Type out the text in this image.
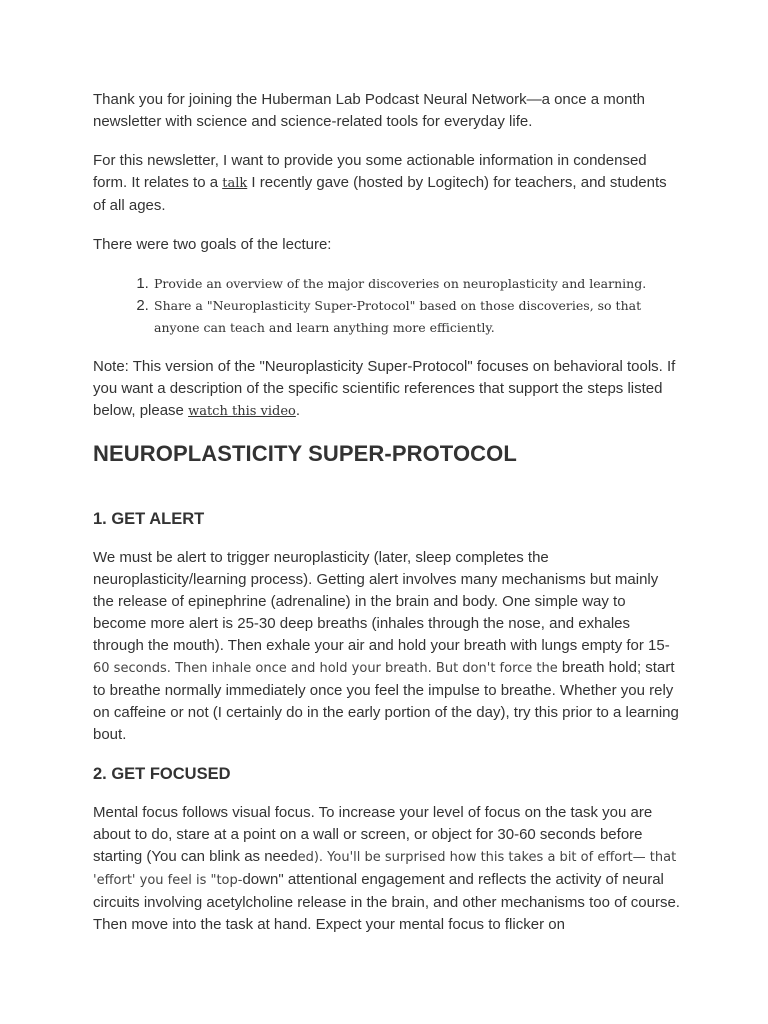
Thank you for joining the Huberman Lab Podcast Neural Network—a once a month newsletter with science and science-related tools for everyday life.

For this newsletter, I want to provide you some actionable information in condensed form. It relates to a talk I recently gave (hosted by Logitech) for teachers, and students of all ages.

There were two goals of the lecture:

1. Provide an overview of the major discoveries on neuroplasticity and learning.
2. Share a "Neuroplasticity Super-Protocol" based on those discoveries, so that anyone can teach and learn anything more efficiently.

Note: This version of the "Neuroplasticity Super-Protocol" focuses on behavioral tools. If you want a description of the specific scientific references that support the steps listed below, please watch this video.

NEUROPLASTICITY SUPER-PROTOCOL
1. GET ALERT

We must be alert to trigger neuroplasticity (later, sleep completes the neuroplasticity/learning process). Getting alert involves many mechanisms but mainly the release of epinephrine (adrenaline) in the brain and body. One simple way to become more alert is 25-30 deep breaths (inhales through the nose, and exhales through the mouth). Then exhale your air and hold your breath with lungs empty for 15-60 seconds. Then inhale once and hold your breath. But don't force the breath hold; start to breathe normally immediately once you feel the impulse to breathe. Whether you rely on caffeine or not (I certainly do in the early portion of the day), try this prior to a learning bout.

2. GET FOCUSED

Mental focus follows visual focus. To increase your level of focus on the task you are about to do, stare at a point on a wall or screen, or object for 30-60 seconds before starting (You can blink as needed). You'll be surprised how this takes a bit of effort— that 'effort' you feel is "top-down" attentional engagement and reflects the activity of neural circuits involving acetylcholine release in the brain, and other mechanisms too of course. Then move into the task at hand. Expect your mental focus to flicker on
